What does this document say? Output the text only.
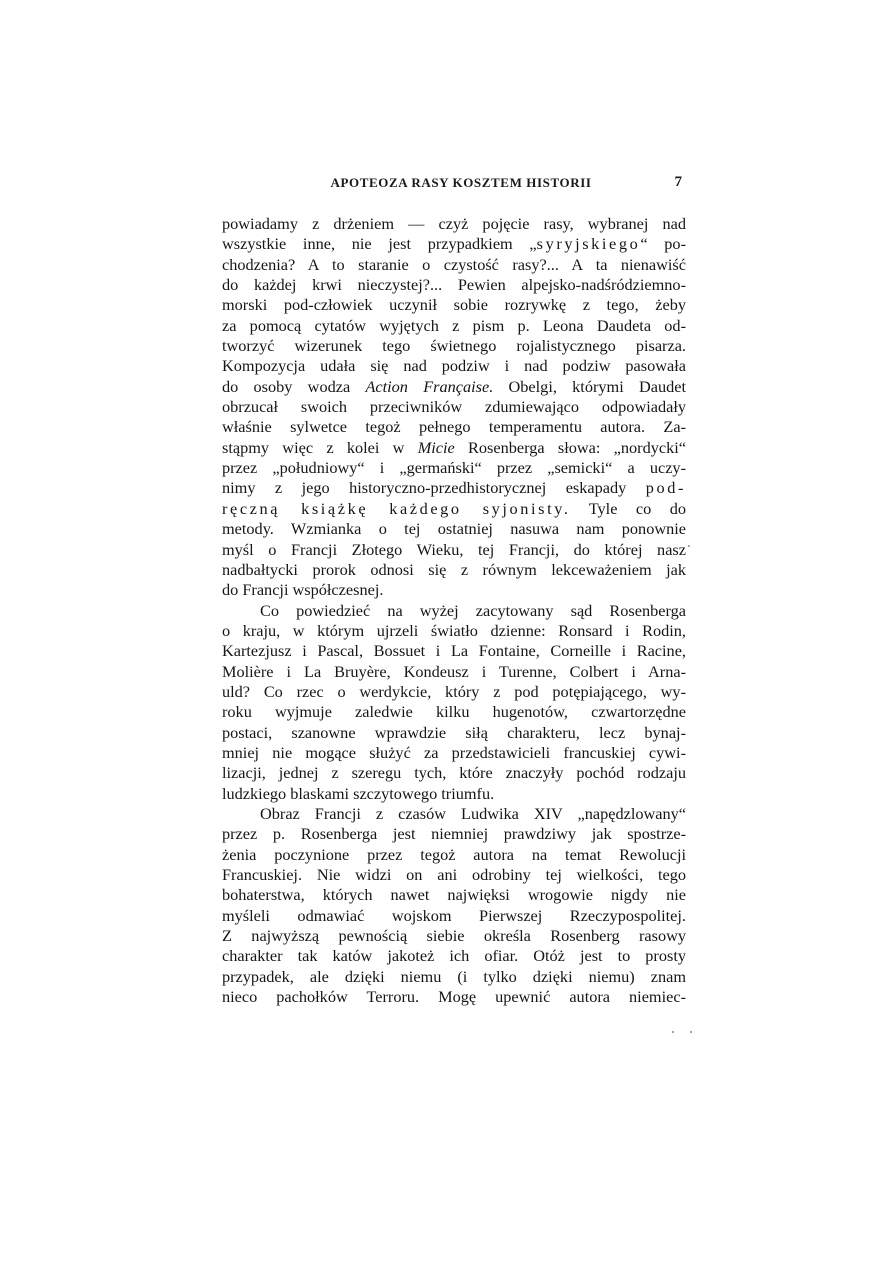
APOTEOZA RASY KOSZTEM HISTORII	7
powiadamy z drżeniem — czyż pojęcie rasy, wybranej nad
wszystkie inne, nie jest przypadkiem „syryjskiego“ po-
chodzenia? A to staranie o czystość rasy?... A ta nienawiść
do każdej krwi nieczystej?... Pewien alpejsko-nadśródziemno-
morski pod-człowiek uczynił sobie rozrywkę z tego, żeby
za pomocą cytatów wyjętych z pism p. Leona Daudeta od-
tworzyć wizerunek tego świetnego rojalistycznego pisarza.
Kompozycja udała się nad podziw i nad podziw pasowała
do osoby wodza Action Française. Obelgi, którymi Daudet
obrzucał swoich przeciwników zdumiewająco odpowiadały
właśnie sylwetce tegoż pełnego temperamentu autora. Za-
stąpmy więc z kolei w Micie Rosenberga słowa: „nordycki“
przez „południowy“ i „germański“ przez „semicki“ a uczy-
nimy z jego historyczno-przedhistorycznej eskapady pod-
ręczną książkę każdego syjonisty. Tyle co do
metody. Wzmianka o tej ostatniej nasuwa nam ponownie
myśl o Francji Złotego Wieku, tej Francji, do której nasz
nadbałtycki prorok odnosi się z równym lekceważeniem jak
do Francji współczesnej.
Co powiedzieć na wyżej zacytowany sąd Rosenberga
o kraju, w którym ujrzeli światło dzienne: Ronsard i Rodin,
Kartezjusz i Pascal, Bossuet i La Fontaine, Corneille i Racine,
Molière i La Bruyère, Kondeusz i Turenne, Colbert i Arna-
uld? Co rzec o werdykcie, który z pod potępiającego, wy-
roku wyjmuje zaledwie kilku hugenotów, czwartorzędne
postaci, szanowne wprawdzie siłą charakteru, lecz bynaj-
mniej nie mogące służyć za przedstawicieli francuskiej cywi-
lizacji, jednej z szeregu tych, które znaczyły pochód rodzaju
ludzkiego blaskami szczytowego triumfu.
Obraz Francji z czasów Ludwika XIV „napędzlowany“
przez p. Rosenberga jest niemniej prawdziwy jak spostrze-
żenia poczynione przez tegoż autora na temat Rewolucji
Francuskiej. Nie widzi on ani odrobiny tej wielkości, tego
bohaterstwa, których nawet najwięksi wrogowie nigdy nie
myśleli odmawiać wojskom Pierwszej Rzeczypospolitej.
Z najwyższą pewnością siebie określa Rosenberg rasowy
charakter tak katów jakoteż ich ofiar. Otóż jest to prosty
przypadek, ale dzięki niemu (i tylko dzięki niemu) znam
nieco pachołków Terroru. Mogę upewnić autora niemiec-
